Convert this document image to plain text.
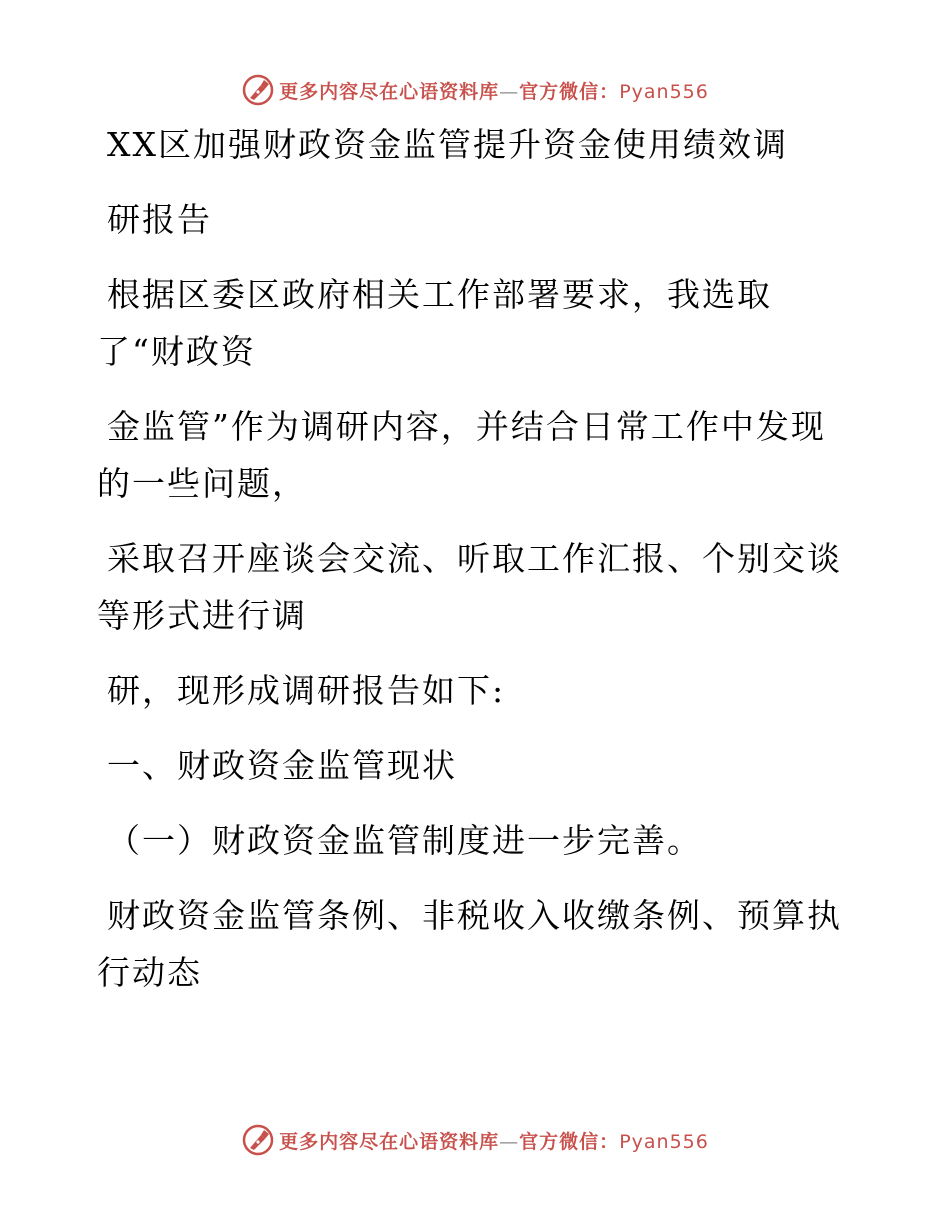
更多内容尽在心语资料库—官方微信：Pyan556
XX区加强财政资金监管提升资金使用绩效调
研报告
根据区委区政府相关工作部署要求，我选取
了“财政资
金监管”作为调研内容，并结合日常工作中发现
的一些问题，
采取召开座谈会交流、听取工作汇报、个别交谈
等形式进行调
研，现形成调研报告如下:
一、财政资金监管现状
（一）财政资金监管制度进一步完善。
财政资金监管条例、非税收入收缴条例、预算执
行动态
更多内容尽在心语资料库—官方微信：Pyan556
